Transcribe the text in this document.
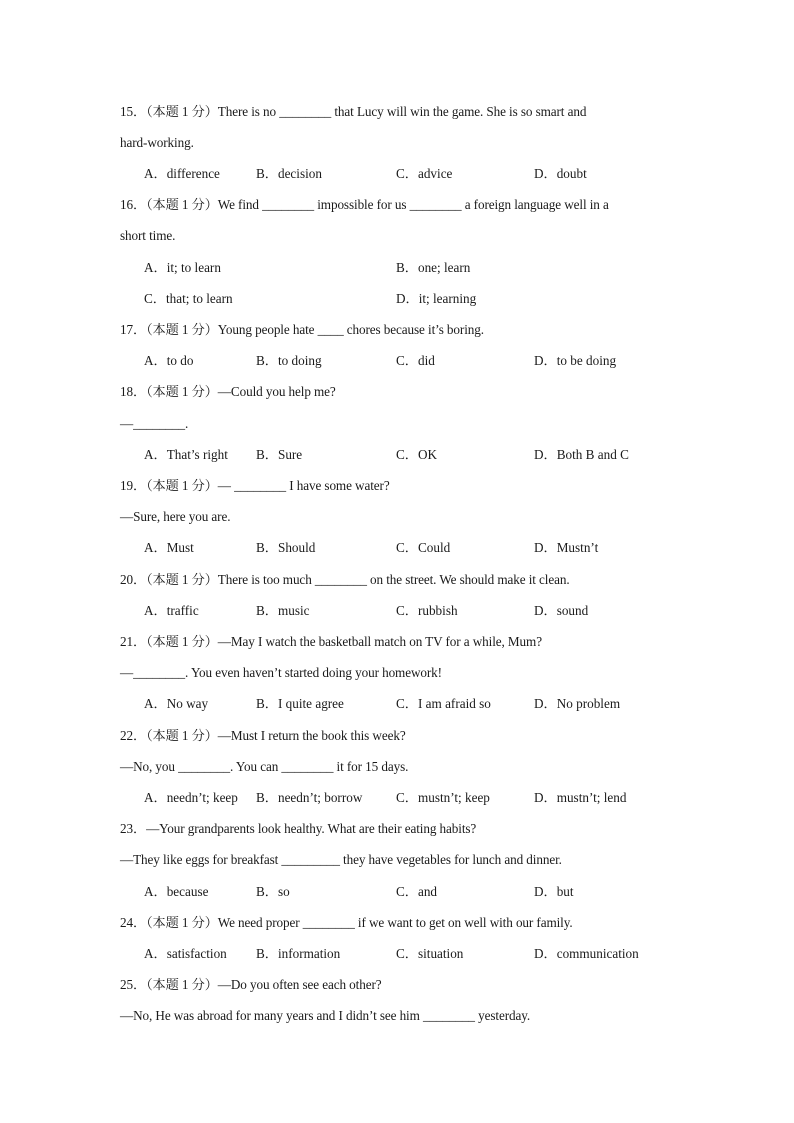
15．（本题 1 分）There is no ________ that Lucy will win the game. She is so smart and
hard-working.
A．difference	B．decision	C．advice	D．doubt
16．（本题 1 分）We find ________ impossible for us ________ a foreign language well in a
short time.
A．it; to learn	B．one; learn
C．that; to learn	D．it; learning
17．（本题 1 分）Young people hate ____ chores because it’s boring.
A．to do	B．to doing	C．did	D．to be doing
18．（本题 1 分）—Could you help me?
—________.
A．That’s right B．Sure	C．OK	D．Both B and C
19．（本题 1 分）— ________ I have some water?
—Sure, here you are.
A．Must	B．Should	C．Could	D．Mustn’t
20．（本题 1 分）There is too much ________ on the street. We should make it clean.
A．traffic	B．music	C．rubbish	D．sound
21．（本题 1 分）—May I watch the basketball match on TV for a while, Mum?
—________. You even haven’t started doing your homework!
A．No way	B．I quite agree	C．I am afraid so	D．No problem
22．（本题 1 分）—Must I return the book this week?
—No, you ________. You can ________ it for 15 days.
A．needn’t; keep B．needn’t; borrow	C．mustn’t; keep	D．mustn’t; lend
23．—Your grandparents look healthy. What are their eating habits?
—They like eggs for breakfast _________ they have vegetables for lunch and dinner.
A．because	B．so	C．and	D．but
24．（本题 1 分）We need proper ________ if we want to get on well with our family.
A．satisfaction B．information	C．situation	D．communication
25．（本题 1 分）—Do you often see each other?
—No, He was abroad for many years and I didn’t see him ________ yesterday.
